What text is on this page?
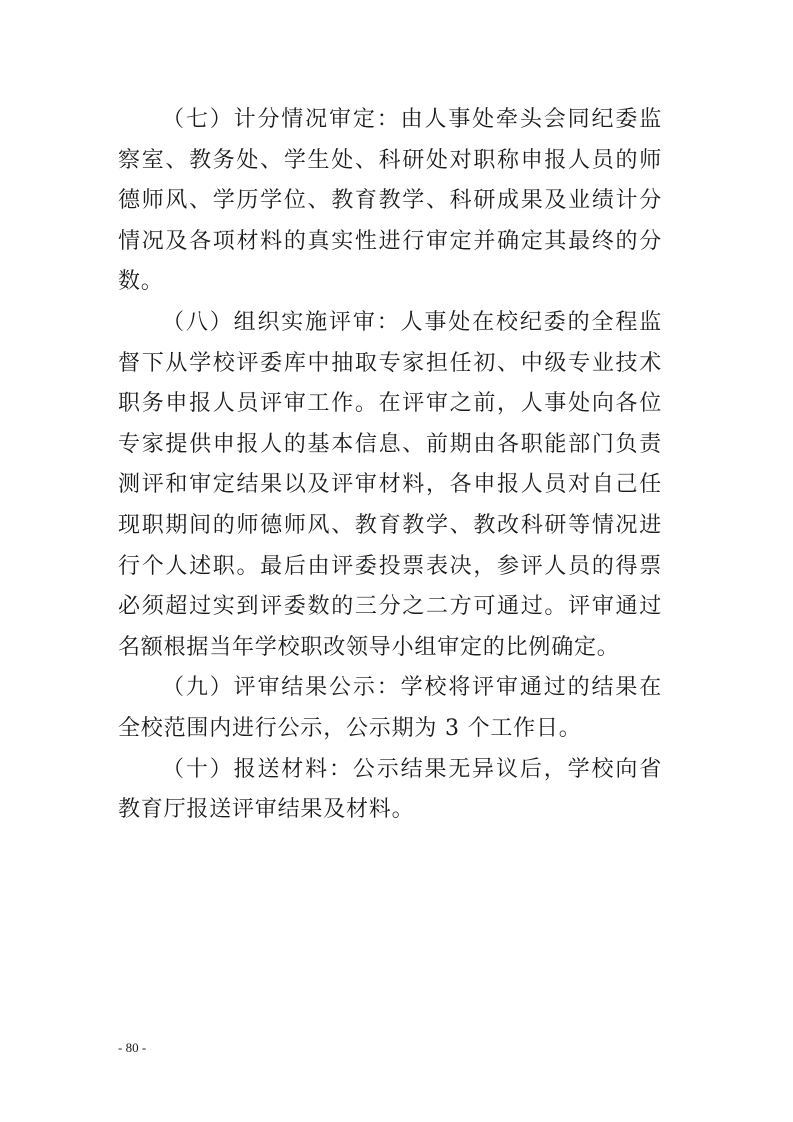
（七）计分情况审定：由人事处牵头会同纪委监察室、教务处、学生处、科研处对职称申报人员的师德师风、学历学位、教育教学、科研成果及业绩计分情况及各项材料的真实性进行审定并确定其最终的分数。

（八）组织实施评审：人事处在校纪委的全程监督下从学校评委库中抽取专家担任初、中级专业技术职务申报人员评审工作。在评审之前，人事处向各位专家提供申报人的基本信息、前期由各职能部门负责测评和审定结果以及评审材料，各申报人员对自己任现职期间的师德师风、教育教学、教改科研等情况进行个人述职。最后由评委投票表决，参评人员的得票必须超过实到评委数的三分之二方可通过。评审通过名额根据当年学校职改领导小组审定的比例确定。

（九）评审结果公示：学校将评审通过的结果在全校范围内进行公示，公示期为 3 个工作日。

（十）报送材料：公示结果无异议后，学校向省教育厅报送评审结果及材料。

- 80 -
